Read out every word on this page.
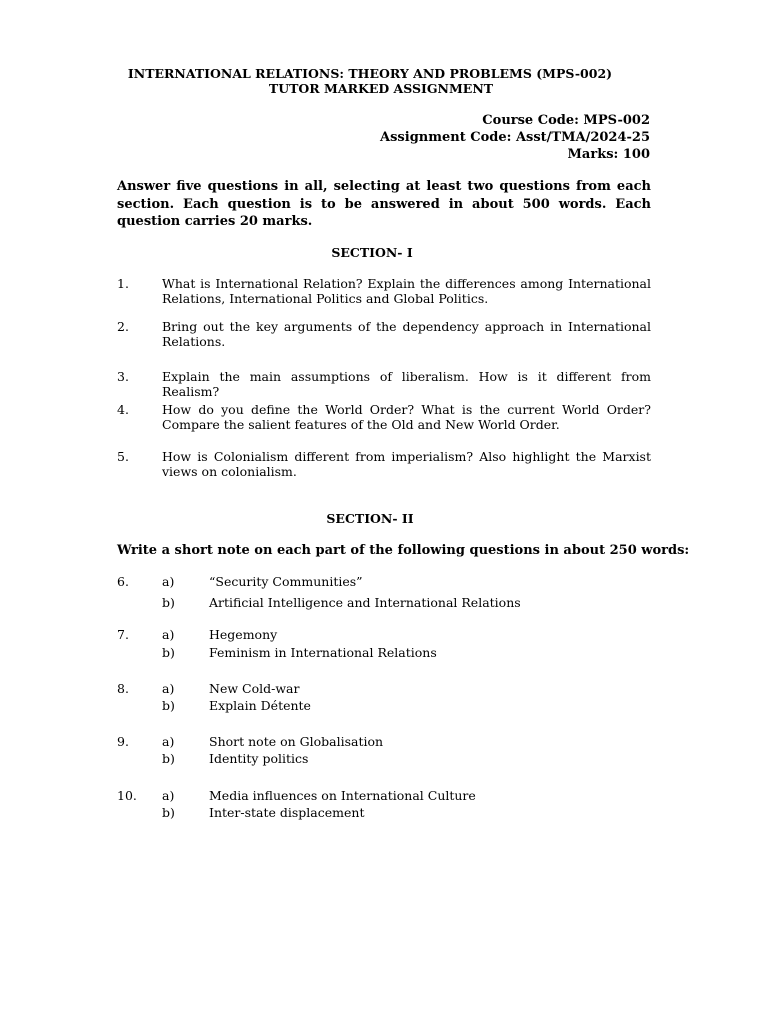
INTERNATIONAL RELATIONS: THEORY AND PROBLEMS (MPS-002)
TUTOR MARKED ASSIGNMENT
Course Code: MPS-002
Assignment Code: Asst/TMA/2024-25
Marks: 100
Answer five questions in all, selecting at least two questions from each section. Each question is to be answered in about 500 words. Each question carries 20 marks.
SECTION- I
1.	What is International Relation? Explain the differences among International Relations, International Politics and Global Politics.
2.	Bring out the key arguments of the dependency approach in International Relations.
3.	Explain the main assumptions of liberalism. How is it different from Realism?
4.	How do you define the World Order? What is the current World Order? Compare the salient features of the Old and New World Order.
5.	How is Colonialism different from imperialism? Also highlight the Marxist views on colonialism.
SECTION- II
Write a short note on each part of the following questions in about 250 words:
6.	a)	“Security Communities”
b)	Artificial Intelligence and International Relations
7.	a)	Hegemony
b)	Feminism in International Relations
8.	a)	New Cold-war
b)	Explain Détente
9.	a)	Short note on Globalisation
b)	Identity politics
10. a)	Media influences on International Culture
b)	Inter-state displacement
